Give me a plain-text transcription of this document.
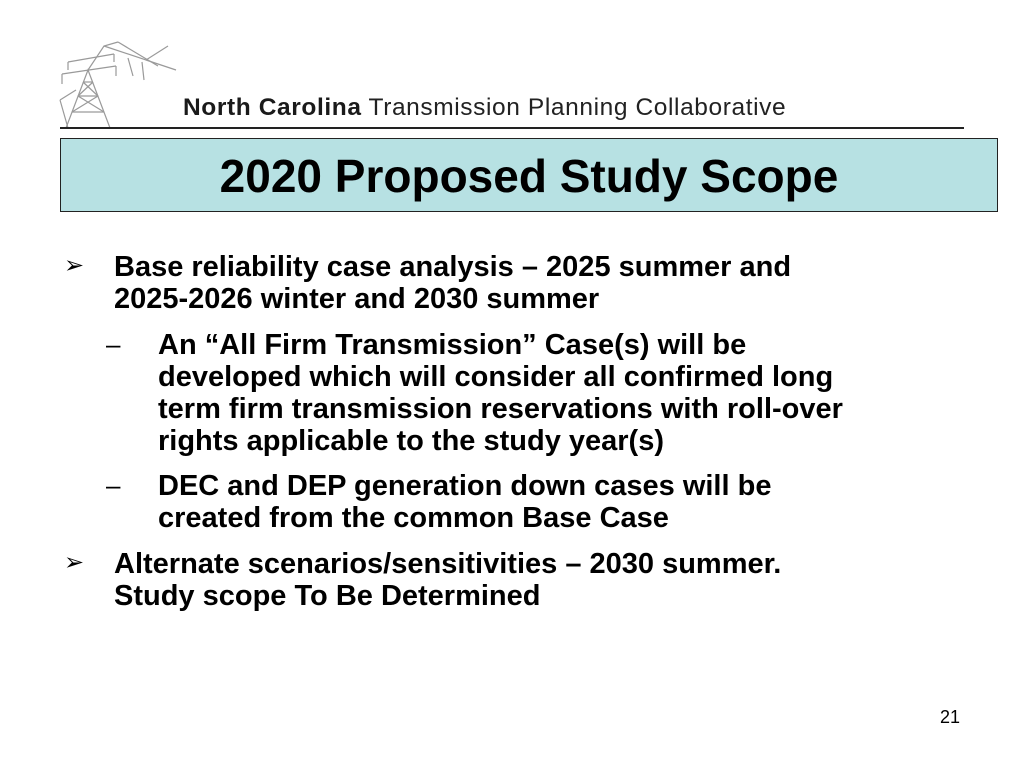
North Carolina Transmission Planning Collaborative
2020 Proposed Study Scope
➢ Base reliability case analysis – 2025 summer and
2025-2026 winter and 2030 summer
– An “All Firm Transmission” Case(s) will be
developed which will consider all confirmed long
term firm transmission reservations with roll-over
rights applicable to the study year(s)
– DEC and DEP generation down cases will be
created from the common Base Case
➢ Alternate scenarios/sensitivities – 2030 summer.
Study scope To Be Determined
21
